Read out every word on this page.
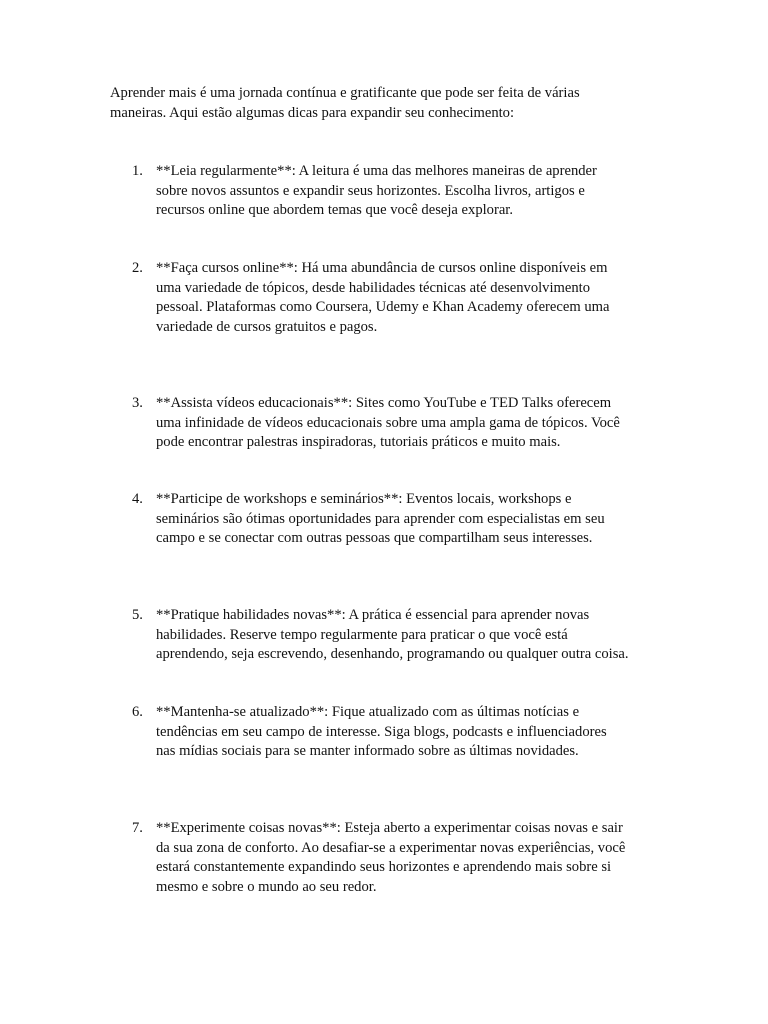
Aprender mais é uma jornada contínua e gratificante que pode ser feita de várias
maneiras. Aqui estão algumas dicas para expandir seu conhecimento:

1. **Leia regularmente**: A leitura é uma das melhores maneiras de aprender
sobre novos assuntos e expandir seus horizontes. Escolha livros, artigos e
recursos online que abordem temas que você deseja explorar.

2. **Faça cursos online**: Há uma abundância de cursos online disponíveis em
uma variedade de tópicos, desde habilidades técnicas até desenvolvimento
pessoal. Plataformas como Coursera, Udemy e Khan Academy oferecem uma
variedade de cursos gratuitos e pagos.

3. **Assista vídeos educacionais**: Sites como YouTube e TED Talks oferecem
uma infinidade de vídeos educacionais sobre uma ampla gama de tópicos. Você
pode encontrar palestras inspiradoras, tutoriais práticos e muito mais.

4. **Participe de workshops e seminários**: Eventos locais, workshops e
seminários são ótimas oportunidades para aprender com especialistas em seu
campo e se conectar com outras pessoas que compartilham seus interesses.

5. **Pratique habilidades novas**: A prática é essencial para aprender novas
habilidades. Reserve tempo regularmente para praticar o que você está
aprendendo, seja escrevendo, desenhando, programando ou qualquer outra coisa.

6. **Mantenha-se atualizado**: Fique atualizado com as últimas notícias e
tendências em seu campo de interesse. Siga blogs, podcasts e influenciadores
nas mídias sociais para se manter informado sobre as últimas novidades.

7. **Experimente coisas novas**: Esteja aberto a experimentar coisas novas e sair
da sua zona de conforto. Ao desafiar-se a experimentar novas experiências, você
estará constantemente expandindo seus horizontes e aprendendo mais sobre si
mesmo e sobre o mundo ao seu redor.
